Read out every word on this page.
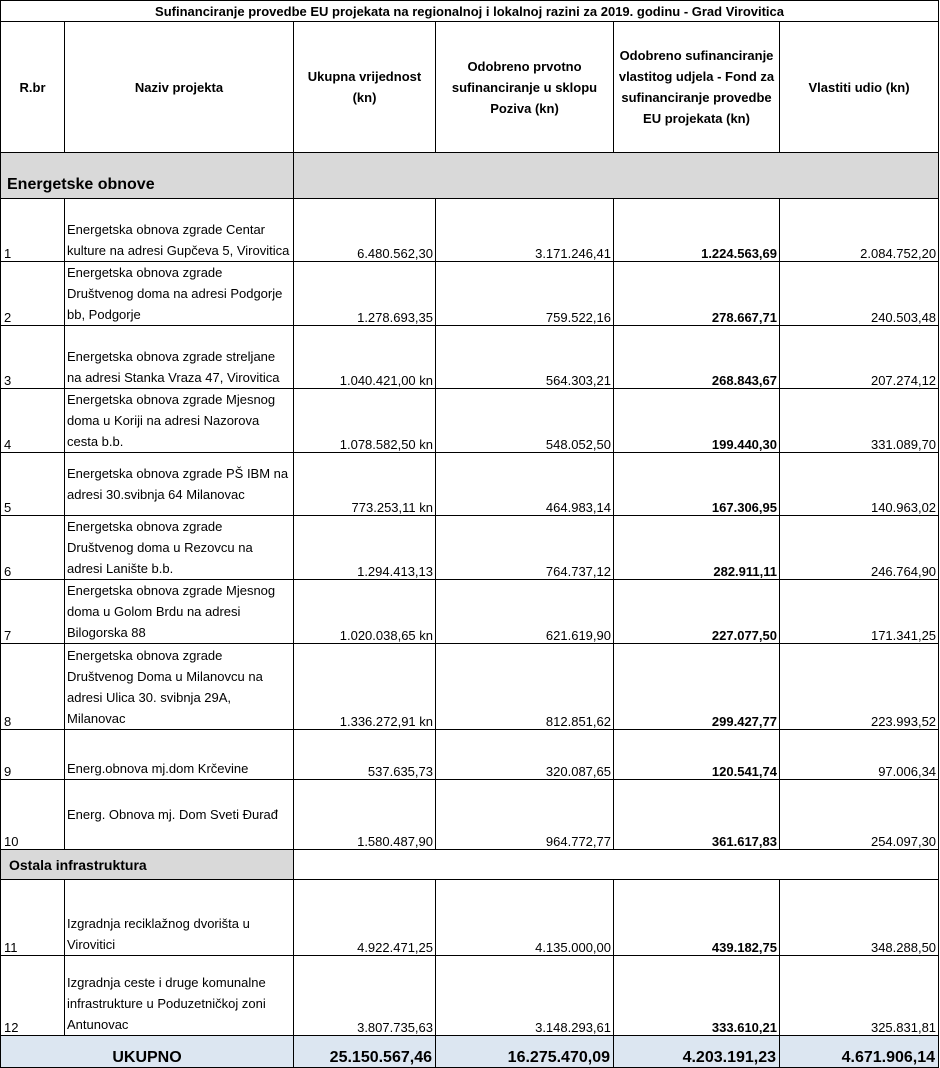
Sufinanciranje provedbe EU projekata na regionalnoj i lokalnoj razini za 2019. godinu - Grad Virovitica					
R.br	Naziv projekta	Ukupna vrijednost (kn)	Odobreno prvotno sufinanciranje u sklopu Poziva (kn)	Odobreno sufinanciranje vlastitog udjela - Fond za sufinanciranje provedbe EU projekata (kn)	Vlastiti udio (kn)
Energetske obnove					
1	Energetska obnova zgrade Centar kulture na adresi Gupčeva 5, Virovitica	6.480.562,30	3.171.246,41	1.224.563,69	2.084.752,20
2	Energetska obnova zgrade Društvenog doma na adresi Podgorje bb, Podgorje	1.278.693,35	759.522,16	278.667,71	240.503,48
3	Energetska obnova zgrade streljane na adresi Stanka Vraza 47, Virovitica	1.040.421,00 kn	564.303,21	268.843,67	207.274,12
4	Energetska obnova zgrade Mjesnog doma u Koriji na adresi Nazorova cesta b.b.	1.078.582,50 kn	548.052,50	199.440,30	331.089,70
5	Energetska obnova zgrade PŠ IBM na adresi 30.svibnja 64 Milanovac	773.253,11 kn	464.983,14	167.306,95	140.963,02
6	Energetska obnova zgrade Društvenog doma u Rezovcu na adresi Lanište b.b.	1.294.413,13	764.737,12	282.911,11	246.764,90
7	Energetska obnova zgrade Mjesnog doma u Golom Brdu na adresi Bilogorska 88	1.020.038,65 kn	621.619,90	227.077,50	171.341,25
8	Energetska obnova zgrade Društvenog Doma u Milanovcu na adresi Ulica 30. svibnja 29A, Milanovac	1.336.272,91 kn	812.851,62	299.427,77	223.993,52
9	Energ.obnova mj.dom Krčevine	537.635,73	320.087,65	120.541,74	97.006,34
10	Energ. Obnova mj. Dom Sveti Đurađ	1.580.487,90	964.772,77	361.617,83	254.097,30
Ostala infrastruktura					
11	Izgradnja reciklažnog dvorišta u Virovitici	4.922.471,25	4.135.000,00	439.182,75	348.288,50
12	Izgradnja ceste i druge komunalne infrastrukture u Poduzetničkoj zoni Antunovac	3.807.735,63	3.148.293,61	333.610,21	325.831,81
UKUPNO		25.150.567,46	16.275.470,09	4.203.191,23	4.671.906,14
